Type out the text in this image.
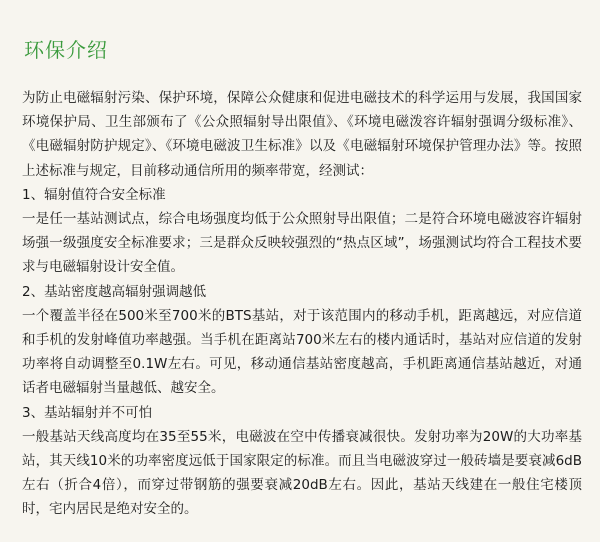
环保介绍

为防止电磁辐射污染、保护环境，保障公众健康和促进电磁技术的科学运用与发展，我国国家环境保护局、卫生部颁布了《公众照辐射导出限值》、《环境电磁泼容许辐射强调分级标准》、《电磁辐射防护规定》、《环境电磁波卫生标准》以及《电磁辐射环境保护管理办法》等。按照上述标准与规定，目前移动通信所用的频率带宽，经测试：

1、辐射值符合安全标准

一是任一基站测试点，综合电场强度均低于公众照射导出限值；二是符合环境电磁波容许辐射场强一级强度安全标准要求；三是群众反映较强烈的“热点区域”，场强测试均符合工程技术要求与电磁辐射设计安全值。

2、基站密度越高辐射强调越低

一个覆盖半径在500米至700米的BTS基站，对于该范围内的移动手机，距离越远，对应信道和手机的发射峰值功率越强。当手机在距离站700米左右的楼内通话时，基站对应信道的发射功率将自动调整至0.1W左右。可见，移动通信基站密度越高，手机距离通信基站越近，对通话者电磁辐射当量越低、越安全。

3、基站辐射并不可怕

一般基站天线高度均在35至55米，电磁波在空中传播衰减很快。发射功率为20W的大功率基站，其天线10米的功率密度远低于国家限定的标准。而且当电磁波穿过一般砖墙是要衰减6dB左右（折合4倍），而穿过带钢筋的强要衰减20dB左右。因此，基站天线建在一般住宅楼顶时，宅内居民是绝对安全的。
